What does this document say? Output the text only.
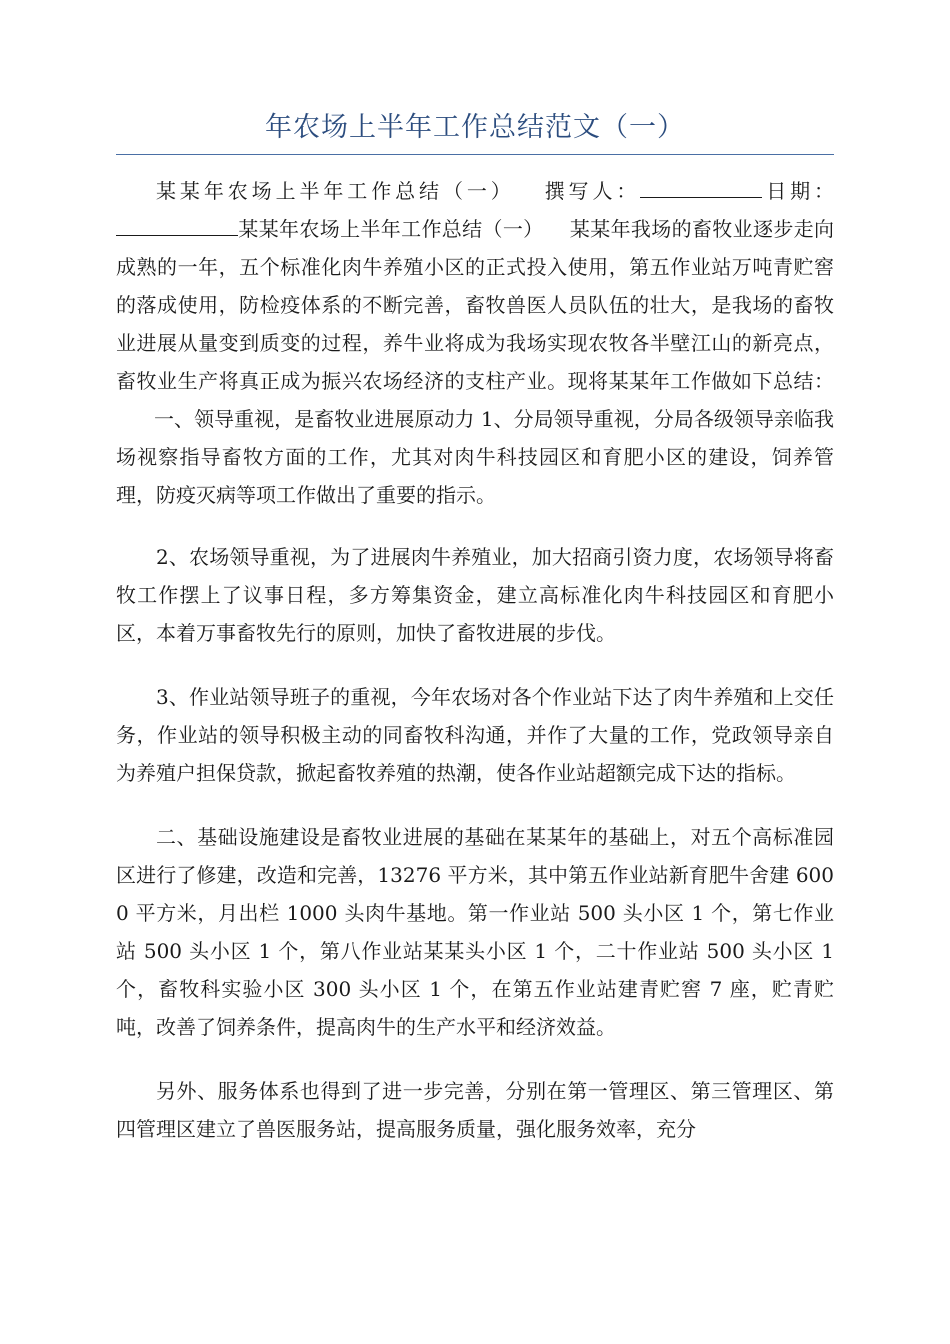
年农场上半年工作总结范文（一）

某某年农场上半年工作总结（一） 撰写人：	日期：某某年农场上半年工作总结（一） 某某年我场的畜牧业逐步走向成熟的一年，五个标准化肉牛养殖小区的正式投入使用，第五作业站万吨青贮窖的落成使用，防检疫体系的不断完善，畜牧兽医人员队伍的壮大，是我场的畜牧业进展从量变到质变的过程，养牛业将成为我场实现农牧各半壁江山的新亮点，畜牧业生产将真正成为振兴农场经济的支柱产业。现将某某年工作做如下总结：一、领导重视，是畜牧业进展原动力 1、分局领导重视，分局各级领导亲临我场视察指导畜牧方面的工作，尤其对肉牛科技园区和育肥小区的建设，饲养管理，防疫灭病等项工作做出了重要的指示。

2、农场领导重视，为了进展肉牛养殖业，加大招商引资力度，农场领导将畜牧工作摆上了议事日程，多方筹集资金，建立高标准化肉牛科技园区和育肥小区，本着万事畜牧先行的原则，加快了畜牧进展的步伐。

3、作业站领导班子的重视，今年农场对各个作业站下达了肉牛养殖和上交任务，作业站的领导积极主动的同畜牧科沟通，并作了大量的工作，党政领导亲自为养殖户担保贷款，掀起畜牧养殖的热潮，使各作业站超额完成下达的指标。

二、基础设施建设是畜牧业进展的基础在某某年的基础上，对五个高标准园区进行了修建，改造和完善，13276 平方米，其中第五作业站新育肥牛舍建 6000 平方米，月出栏 1000 头肉牛基地。第一作业站 500 头小区 1 个，第七作业站 500 头小区 1 个，第八作业站某某头小区 1 个，二十作业站 500 头小区 1 个，畜牧科实验小区 300 头小区 1 个，在第五作业站建青贮窖 7 座，贮青贮吨，改善了饲养条件，提高肉牛的生产水平和经济效益。

另外、服务体系也得到了进一步完善，分别在第一管理区、第三管理区、第四管理区建立了兽医服务站，提高服务质量，强化服务效率，充分
